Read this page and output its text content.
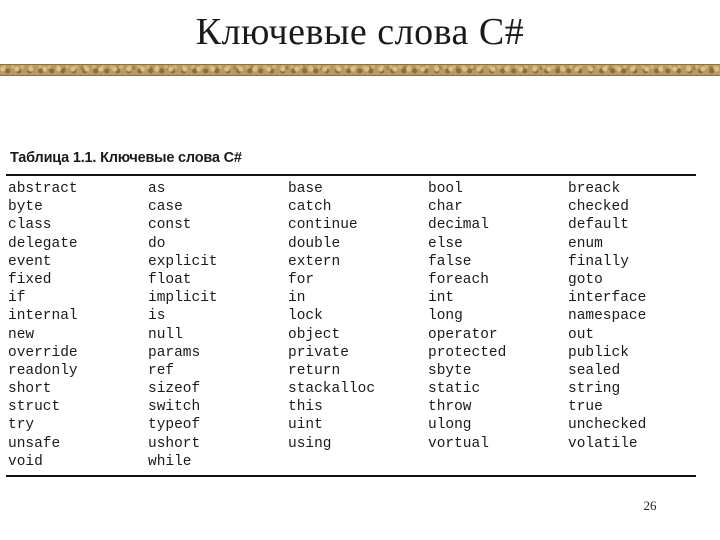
Ключевые слова C#
Таблица 1.1. Ключевые слова C#
abstract
byte
class
delegate
event
fixed
if
internal
new
override
readonly
short
struct
try
unsafe
void
as
case
const
do
explicit
float
implicit
is
null
params
ref
sizeof
switch
typeof
ushort
while
base
catch
continue
double
extern
for
in
lock
object
private
return
stackalloc
this
uint
using
bool
char
decimal
else
false
foreach
int
long
operator
protected
sbyte
static
throw
ulong
vortual
breack
checked
default
enum
finally
goto
interface
namespace
out
publick
sealed
string
true
unchecked
volatile
26
